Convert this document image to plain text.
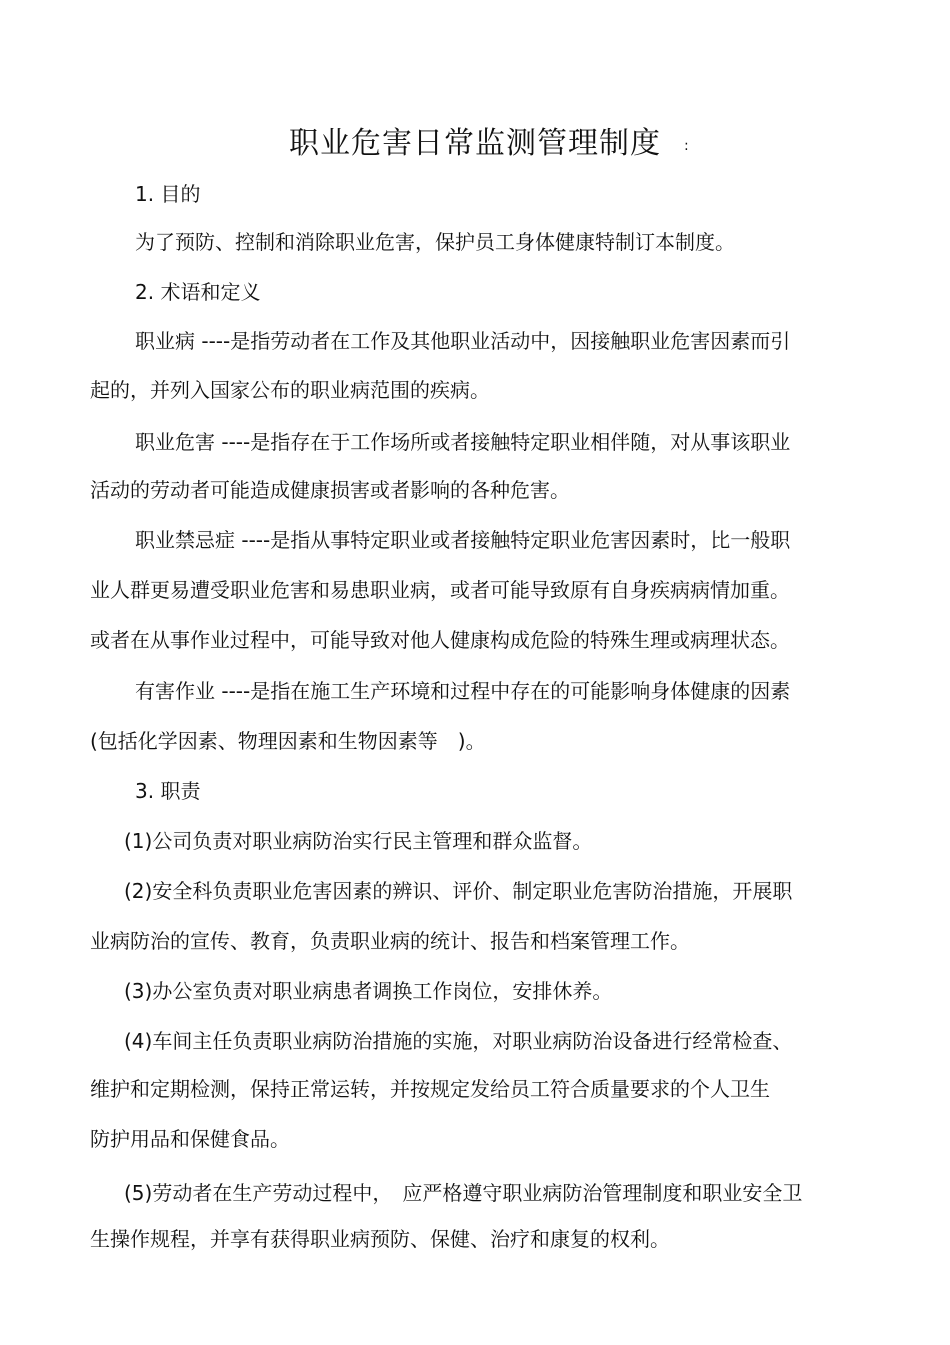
职业危害日常监测管理制度	:
1. 目的
为了预防、控制和消除职业危害，保护员工身体健康特制订本制度。
2. 术语和定义
职业病 ----是指劳动者在工作及其他职业活动中，因接触职业危害因素而引
起的，并列入国家公布的职业病范围的疾病。
职业危害 ----是指存在于工作场所或者接触特定职业相伴随，对从事该职业
活动的劳动者可能造成健康损害或者影响的各种危害。
职业禁忌症 ----是指从事特定职业或者接触特定职业危害因素时，比一般职
业人群更易遭受职业危害和易患职业病，或者可能导致原有自身疾病病情加重。
或者在从事作业过程中，可能导致对他人健康构成危险的特殊生理或病理状态。
有害作业 ----是指在施工生产环境和过程中存在的可能影响身体健康的因素
(包括化学因素、物理因素和生物因素等　)。
3. 职责
(1)公司负责对职业病防治实行民主管理和群众监督。
(2)安全科负责职业危害因素的辨识、评价、制定职业危害防治措施，开展职
业病防治的宣传、教育，负责职业病的统计、报告和档案管理工作。
(3)办公室负责对职业病患者调换工作岗位，安排休养。
(4)车间主任负责职业病防治措施的实施，对职业病防治设备进行经常检查、
维护和定期检测，保持正常运转，并按规定发给员工符合质量要求的个人卫生
防护用品和保健食品。
(5)劳动者在生产劳动过程中，　应严格遵守职业病防治管理制度和职业安全卫
生操作规程，并享有获得职业病预防、保健、治疗和康复的权利。
